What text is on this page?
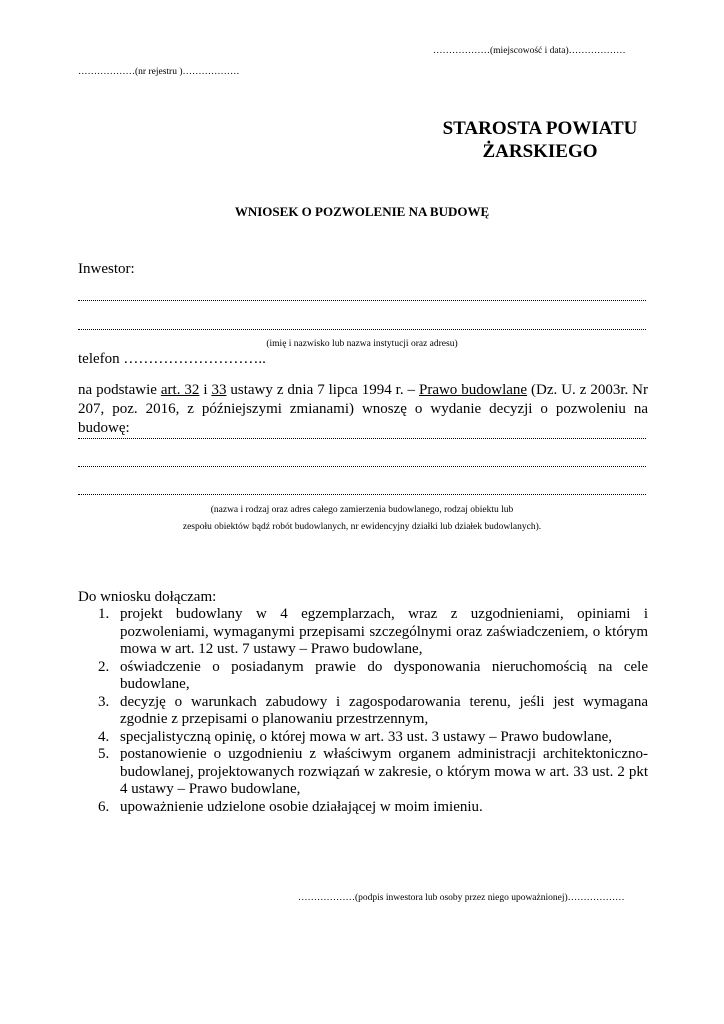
………………(miejscowość i data)………………
………………(nr rejestru )………………
STAROSTA POWIATU
ŻARSKIEGO
WNIOSEK O POZWOLENIE NA BUDOWĘ
Inwestor:
(imię i nazwisko lub nazwa instytucji oraz adresu)
telefon ………………………..
na podstawie art. 32 i 33 ustawy z dnia 7 lipca 1994 r. – Prawo budowlane (Dz. U. z 2003r. Nr 207, poz. 2016, z późniejszymi zmianami) wnoszę o wydanie decyzji o pozwoleniu na budowę:
(nazwa i rodzaj oraz adres całego zamierzenia budowlanego, rodzaj obiektu lub
zespołu obiektów bądź robót budowlanych, nr ewidencyjny działki lub działek budowlanych).
Do wniosku dołączam:
1. projekt budowlany w 4 egzemplarzach, wraz z uzgodnieniami, opiniami i pozwoleniami, wymaganymi przepisami szczególnymi oraz zaświadczeniem, o którym mowa w art. 12 ust. 7 ustawy – Prawo budowlane,
2. oświadczenie o posiadanym prawie do dysponowania nieruchomością na cele budowlane,
3. decyzję o warunkach zabudowy i zagospodarowania terenu, jeśli jest wymagana zgodnie z przepisami o planowaniu przestrzennym,
4. specjalistyczną opinię, o której mowa w art. 33 ust. 3 ustawy – Prawo budowlane,
5. postanowienie o uzgodnieniu z właściwym organem administracji architektoniczno-budowlanej, projektowanych rozwiązań w zakresie, o którym mowa w art. 33 ust. 2 pkt 4 ustawy – Prawo budowlane,
6. upoważnienie udzielone osobie działającej w moim imieniu.
………………(podpis inwestora lub osoby przez niego upoważnionej)………………
